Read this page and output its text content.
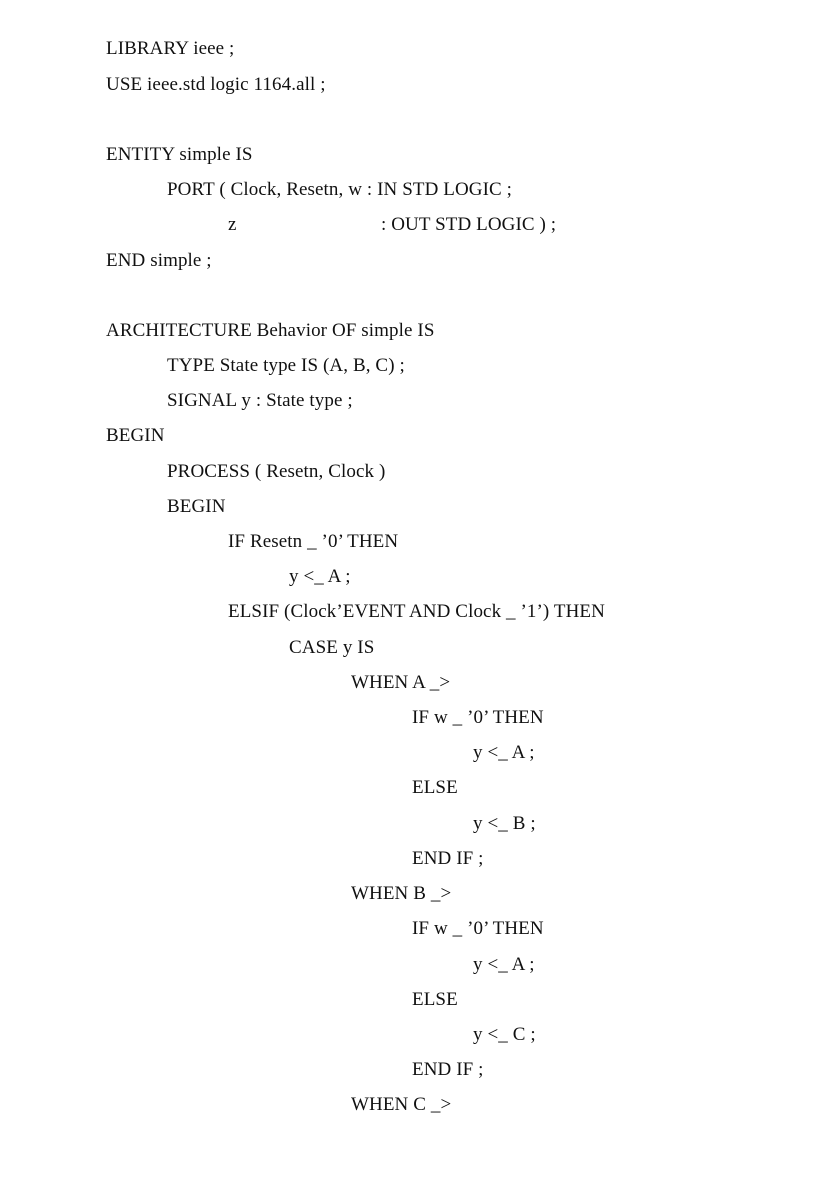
LIBRARY ieee ;
USE ieee.std logic 1164.all ;
ENTITY simple IS
PORT ( Clock, Resetn, w : IN STD LOGIC ;
z	: OUT STD LOGIC ) ;
END simple ;
ARCHITECTURE Behavior OF simple IS
TYPE State type IS (A, B, C) ;
SIGNAL y : State type ;
BEGIN
PROCESS ( Resetn, Clock )
BEGIN
IF Resetn _ ’0’ THEN
y <_ A ;
ELSIF (Clock’EVENT AND Clock _ ’1’) THEN
CASE y IS
WHEN A _>
IF w _ ’0’ THEN
y <_ A ;
ELSE
y <_ B ;
END IF ;
WHEN B _>
IF w _ ’0’ THEN
y <_ A ;
ELSE
y <_ C ;
END IF ;
WHEN C _>
